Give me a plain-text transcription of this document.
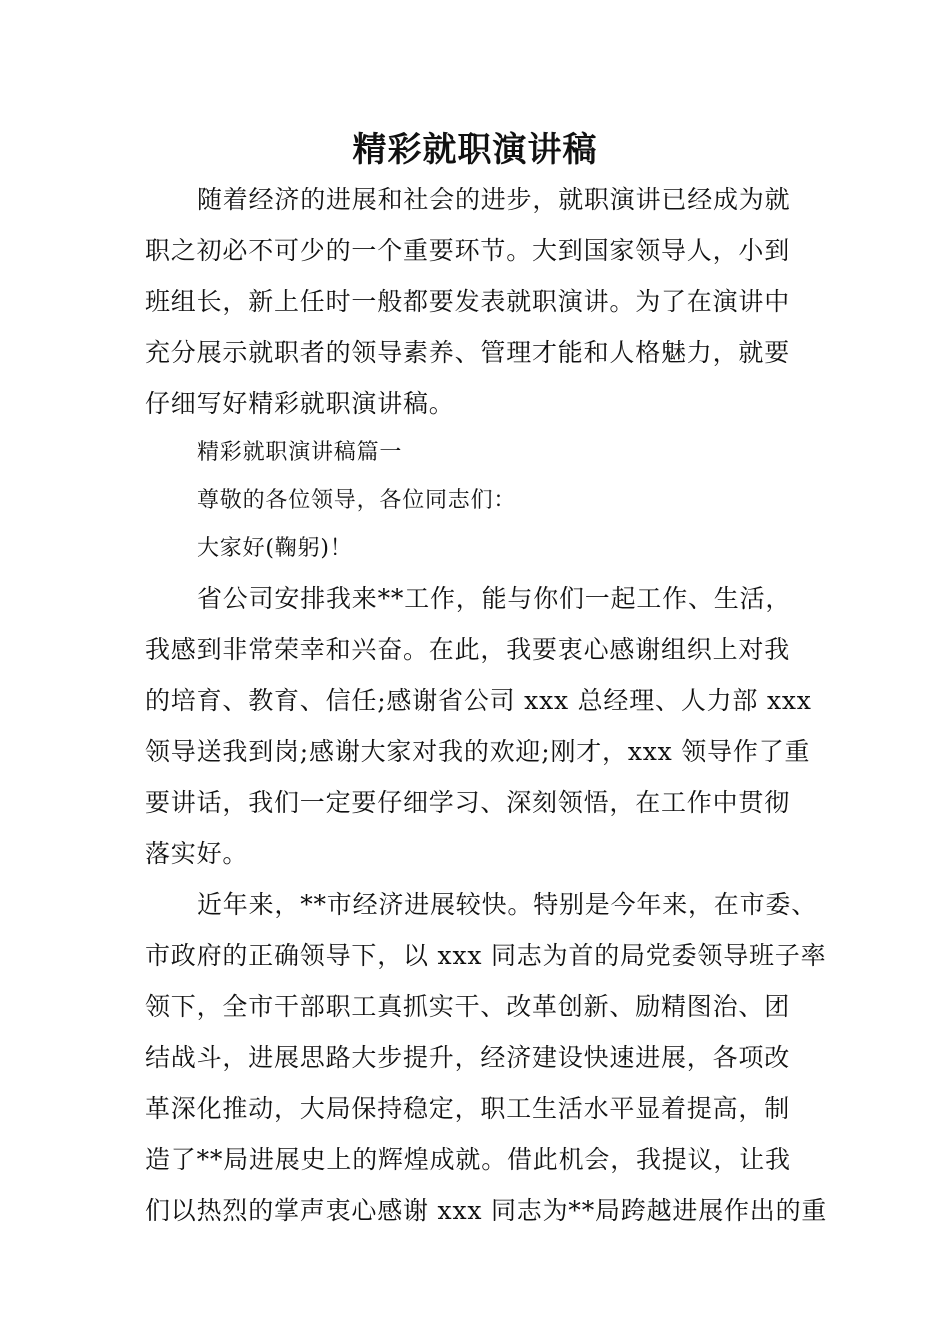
精彩就职演讲稿
随着经济的进展和社会的进步，就职演讲已经成为就
职之初必不可少的一个重要环节。大到国家领导人，小到
班组长，新上任时一般都要发表就职演讲。为了在演讲中
充分展示就职者的领导素养、管理才能和人格魅力，就要
仔细写好精彩就职演讲稿。
精彩就职演讲稿篇一
尊敬的各位领导，各位同志们：
大家好(鞠躬)！
省公司安排我来**工作，能与你们一起工作、生活，
我感到非常荣幸和兴奋。在此，我要衷心感谢组织上对我
的培育、教育、信任;感谢省公司 xxx 总经理、人力部 xxx
领导送我到岗;感谢大家对我的欢迎;刚才，xxx 领导作了重
要讲话，我们一定要仔细学习、深刻领悟，在工作中贯彻
落实好。
近年来，**市经济进展较快。特别是今年来，在市委、
市政府的正确领导下，以 xxx 同志为首的局党委领导班子率
领下，全市干部职工真抓实干、改革创新、励精图治、团
结战斗，进展思路大步提升，经济建设快速进展，各项改
革深化推动，大局保持稳定，职工生活水平显着提高，制
造了**局进展史上的辉煌成就。借此机会，我提议，让我
们以热烈的掌声衷心感谢 xxx 同志为**局跨越进展作出的重
